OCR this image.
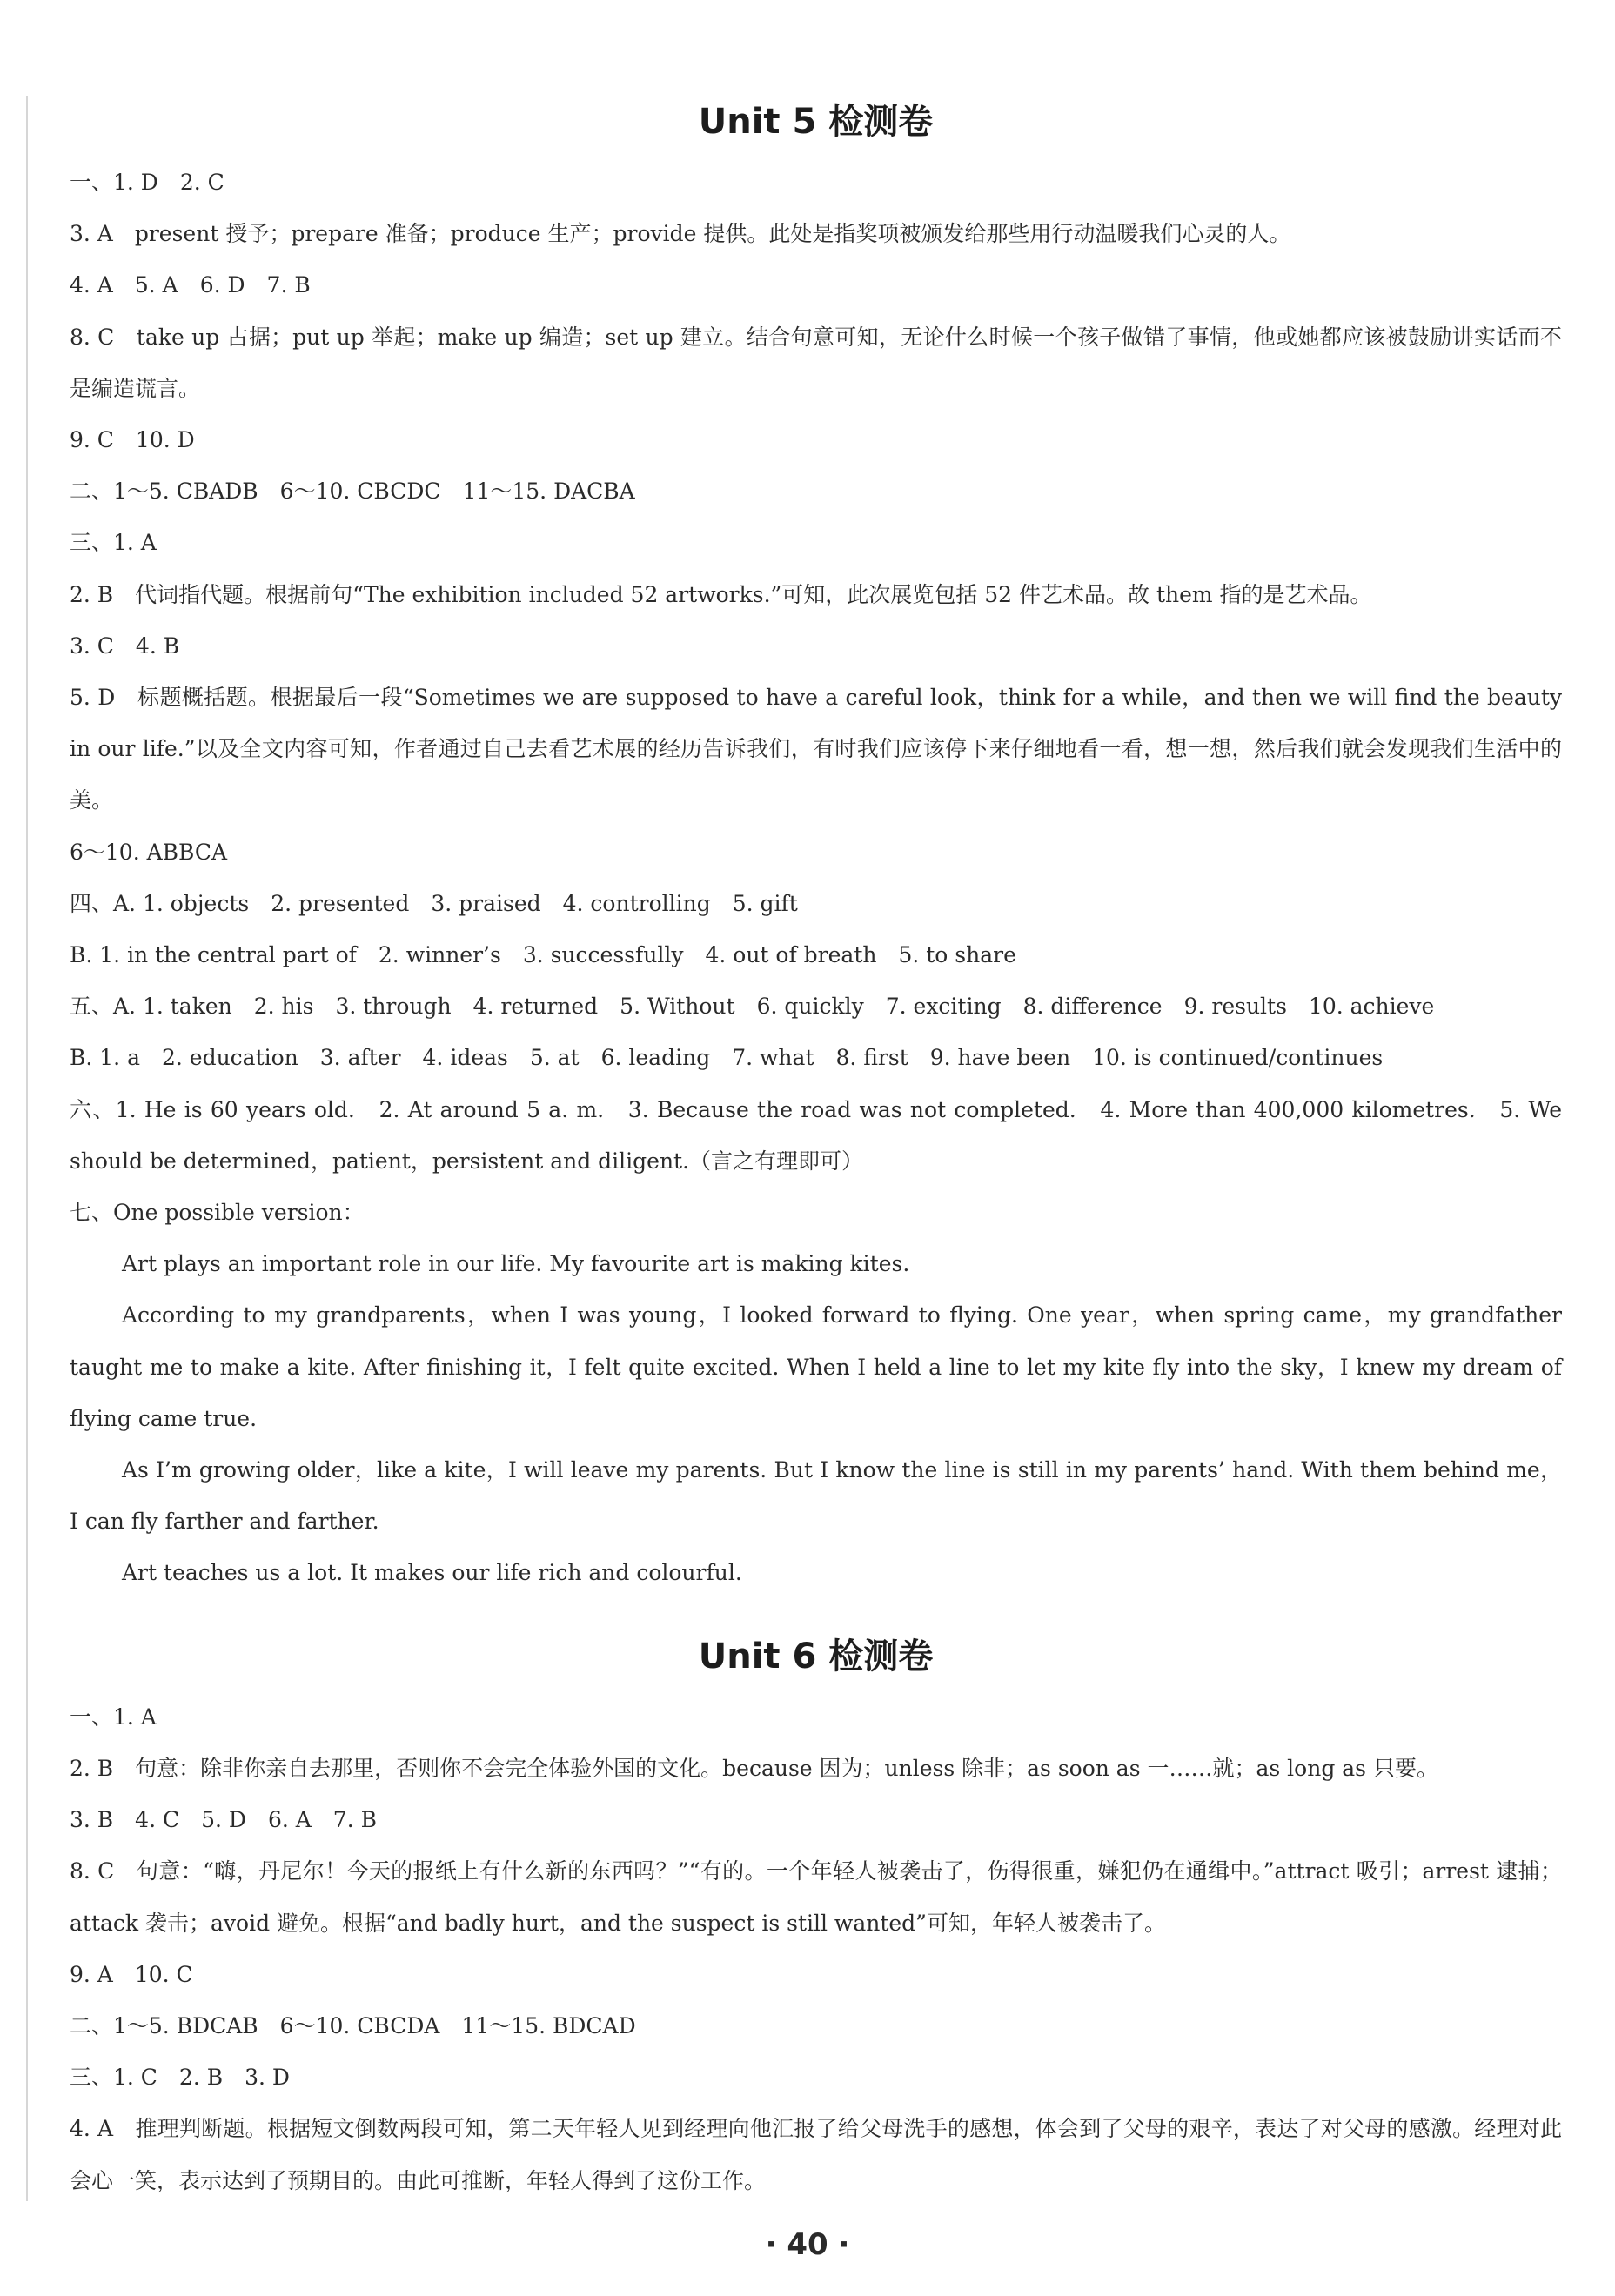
Unit 5 检测卷

一、1. D　2. C

3. A　present 授予；prepare 准备；produce 生产；provide 提供。此处是指奖项被颁发给那些用行动温暖我们心灵的人。

4. A　5. A　6. D　7. B

8. C　take up 占据；put up 举起；make up 编造；set up 建立。结合句意可知，无论什么时候一个孩子做错了事情，他或她都应该被鼓励讲实话而不是编造谎言。

9. C　10. D

二、1～5. CBADB　6～10. CBCDC　11～15. DACBA

三、1. A

2. B　代词指代题。根据前句“The exhibition included 52 artworks.”可知，此次展览包括 52 件艺术品。故 them 指的是艺术品。

3. C　4. B

5. D　标题概括题。根据最后一段“Sometimes we are supposed to have a careful look，think for a while，and then we will find the beauty in our life.”以及全文内容可知，作者通过自己去看艺术展的经历告诉我们，有时我们应该停下来仔细地看一看，想一想，然后我们就会发现我们生活中的美。

6～10. ABBCA

四、A. 1. objects　2. presented　3. praised　4. controlling　5. gift

B. 1. in the central part of　2. winner’s　3. successfully　4. out of breath　5. to share

五、A. 1. taken　2. his　3. through　4. returned　5. Without　6. quickly　7. exciting　8. difference　9. results　10. achieve

B. 1. a　2. education　3. after　4. ideas　5. at　6. leading　7. what　8. first　9. have been　10. is continued/continues

六、1. He is 60 years old.　2. At around 5 a. m.　3. Because the road was not completed.　4. More than 400,000 kilometres.　5. We should be determined，patient，persistent and diligent.（言之有理即可）

七、One possible version：

Art plays an important role in our life. My favourite art is making kites.

According to my grandparents，when I was young，I looked forward to flying. One year，when spring came，my grandfather taught me to make a kite. After finishing it，I felt quite excited. When I held a line to let my kite fly into the sky，I knew my dream of flying came true.

As I’m growing older，like a kite，I will leave my parents. But I know the line is still in my parents’ hand. With them behind me，I can fly farther and farther.

Art teaches us a lot. It makes our life rich and colourful.

Unit 6 检测卷

一、1. A

2. B　句意：除非你亲自去那里，否则你不会完全体验外国的文化。because 因为；unless 除非；as soon as 一……就；as long as 只要。

3. B　4. C　5. D　6. A　7. B

8. C　句意：“嗨，丹尼尔！今天的报纸上有什么新的东西吗？”“有的。一个年轻人被袭击了，伤得很重，嫌犯仍在通缉中。”attract 吸引；arrest 逮捕；attack 袭击；avoid 避免。根据“and badly hurt，and the suspect is still wanted”可知，年轻人被袭击了。

9. A　10. C

二、1～5. BDCAB　6～10. CBCDA　11～15. BDCAD

三、1. C　2. B　3. D

4. A　推理判断题。根据短文倒数两段可知，第二天年轻人见到经理向他汇报了给父母洗手的感想，体会到了父母的艰辛，表达了对父母的感激。经理对此会心一笑，表示达到了预期目的。由此可推断，年轻人得到了这份工作。

· 40 ·
